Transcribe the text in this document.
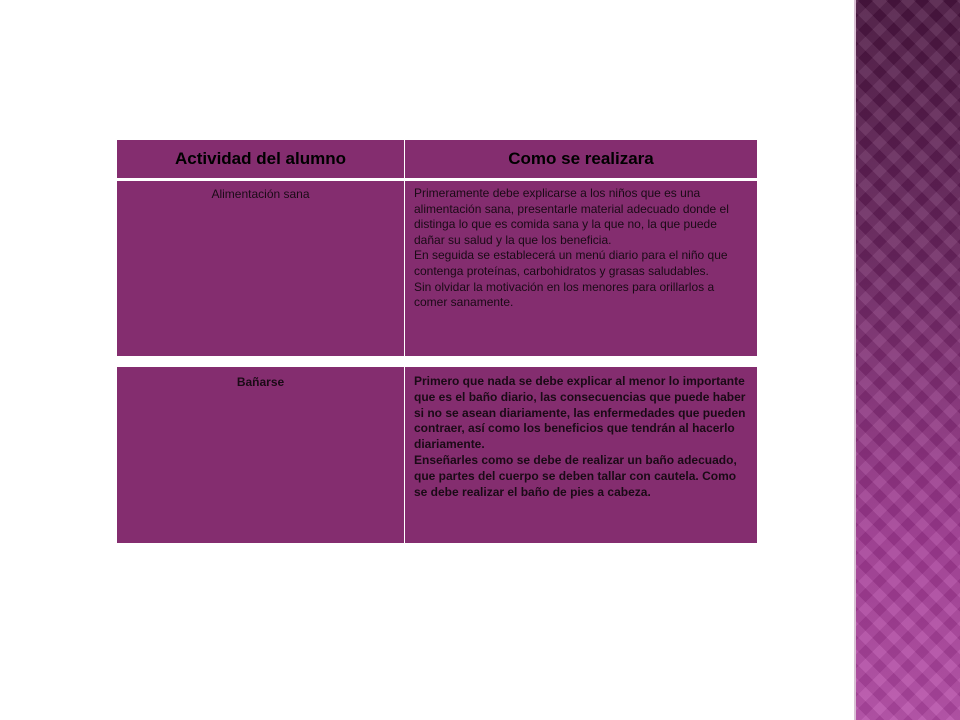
Actividad del alumno	Como se realizara

Alimentación sana	Primeramente debe explicarse a los niños que es una alimentación sana, presentarle material adecuado donde el distinga lo que es comida sana y la que no, la que puede dañar su salud y la que los beneficia.
En seguida se establecerá un menú diario para el niño que contenga proteínas, carbohidratos y grasas saludables.
Sin olvidar la motivación en los menores para orillarlos a comer sanamente.
Bañarse	Primero que nada se debe explicar al menor lo importante que es el baño diario, las consecuencias que puede haber si no se asean diariamente, las enfermedades que pueden contraer, así como los beneficios que tendrán al hacerlo diariamente.
Enseñarles como se debe de realizar un baño adecuado, que partes del cuerpo se deben tallar con cautela. Como se debe realizar el baño de pies a cabeza.
